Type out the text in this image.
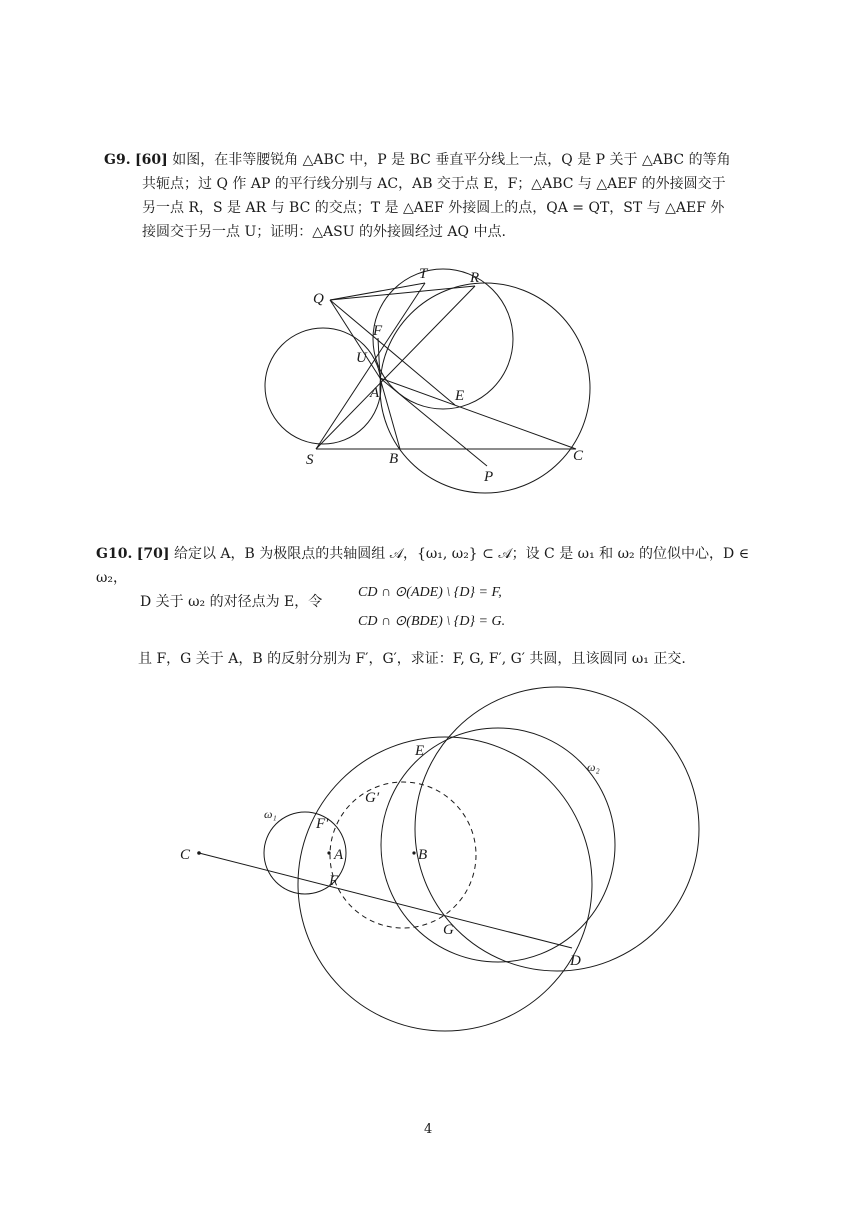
G9. [60] 如图，在非等腰锐角 △ABC 中，P 是 BC 垂直平分线上一点，Q 是 P 关于 △ABC 的等角
共轭点；过 Q 作 AP 的平行线分别与 AC，AB 交于点 E，F；△ABC 与 △AEF 的外接圆交于
另一点 R，S 是 AR 与 BC 的交点；T 是 △AEF 外接圆上的点，QA = QT，ST 与 △AEF 外
接圆交于另一点 U；证明：△ASU 的外接圆经过 AQ 中点.
G10. [70] 给定以 A，B 为极限点的共轴圆组 𝒜，{ω₁, ω₂} ⊂ 𝒜；设 C 是 ω₁ 和 ω₂ 的位似中心，D ∈ ω₂，
D 关于 ω₂ 的对径点为 E，令
CD ∩ ⊙(ADE) \ {D} = F,
CD ∩ ⊙(BDE) \ {D} = G.
且 F，G 关于 A，B 的反射分别为 F′，G′，求证：F, G, F′, G′ 共圆，且该圆同 ω₁ 正交.
T	R
Q
F
U
A	E
S	B	C
P
E
ω₂
G′
ω₁
F′
C	A	B
F
G
D
4
